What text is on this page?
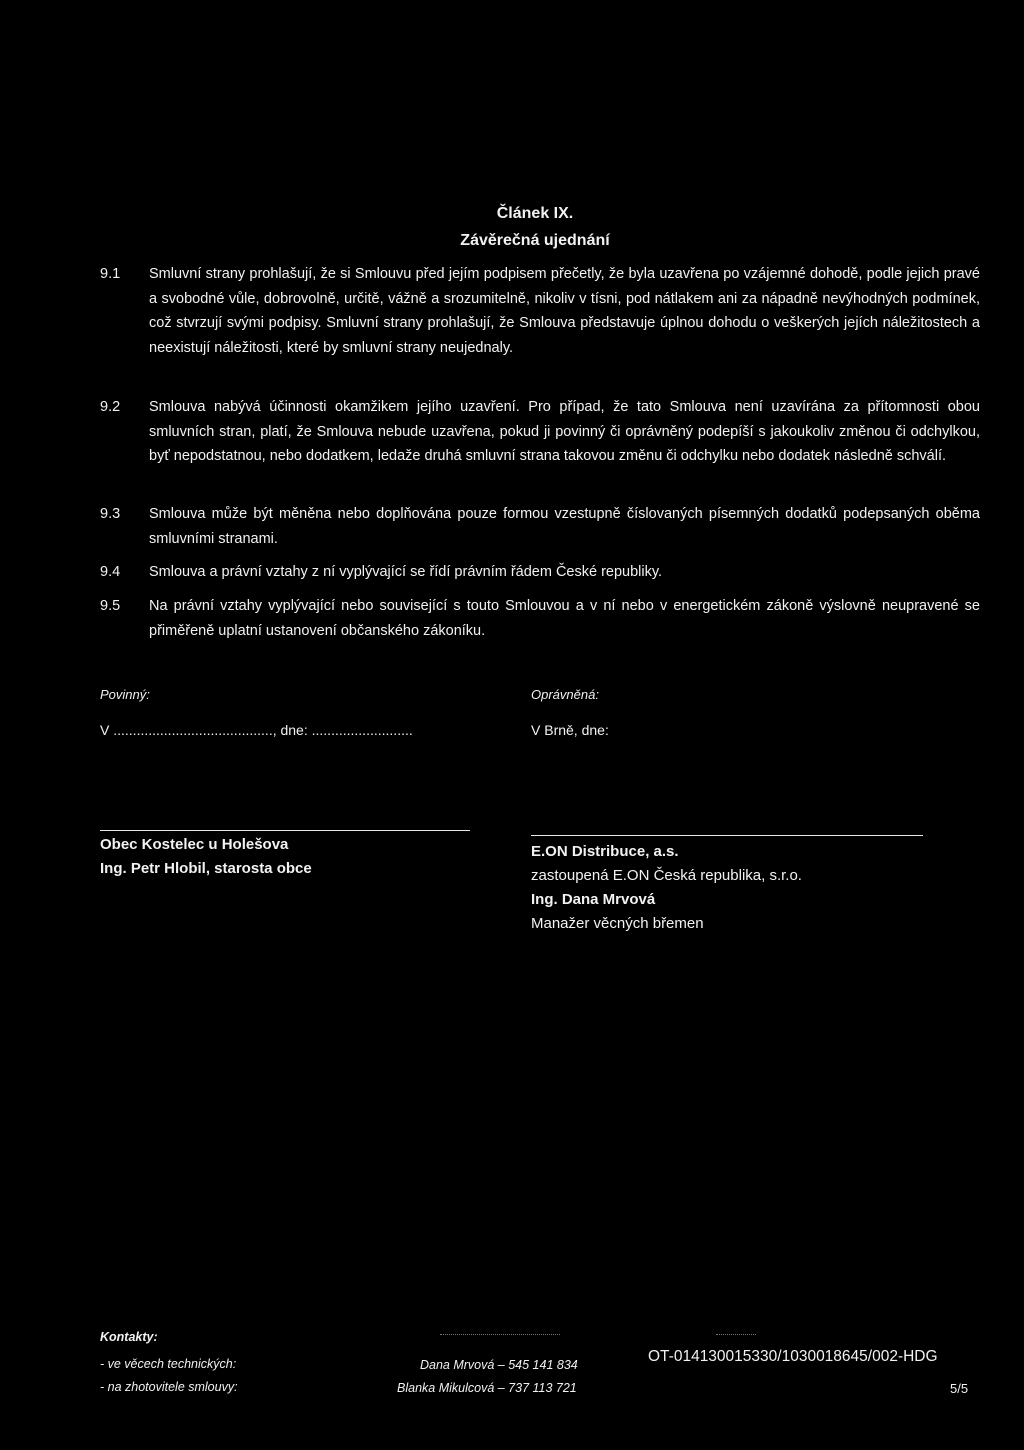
Článek IX.
Závěrečná ujednání
9.1	Smluvní strany prohlašují, že si Smlouvu před jejím podpisem přečetly, že byla uzavřena po vzájemné dohodě, podle jejich pravé a svobodné vůle, dobrovolně, určitě, vážně a srozumitelně, nikoliv v tísni, pod nátlakem ani za nápadně nevýhodných podmínek, což stvrzují svými podpisy. Smluvní strany prohlašují, že Smlouva představuje úplnou dohodu o veškerých jejích náležitostech a neexistují náležitosti, které by smluvní strany neujednaly.
9.2	Smlouva nabývá účinnosti okamžikem jejího uzavření. Pro případ, že tato Smlouva není uzavírána za přítomnosti obou smluvních stran, platí, že Smlouva nebude uzavřena, pokud ji povinný či oprávněný podepíší s jakoukoliv změnou či odchylkou, byť nepodstatnou, nebo dodatkem, ledaže druhá smluvní strana takovou změnu či odchylku nebo dodatek následně schválí.
9.3	Smlouva může být měněna nebo doplňována pouze formou vzestupně číslovaných písemných dodatků podepsaných oběma smluvními stranami.
9.4	Smlouva a právní vztahy z ní vyplývající se řídí právním řádem České republiky.
9.5	Na právní vztahy vyplývající nebo související s touto Smlouvou a v ní nebo v energetickém zákoně výslovně neupravené se přiměřeně uplatní ustanovení občanského zákoníku.
Povinný:	Oprávněná:
V ........................................., dne: ..........................	V Brně, dne:
Obec Kostelec u Holešova
Ing. Petr Hlobil, starosta obce
E.ON Distribuce, a.s.
zastoupená E.ON Česká republika, s.r.o.
Ing. Dana Mrvová
Manažer věcných břemen
Kontakty:
- ve věcech technických:
- na zhotovitele smlouvy:
Dana Mrvová – 545 141 834
Blanka Mikulcová – 737 113 721
OT-014130015330/1030018645/002-HDG
5/5
